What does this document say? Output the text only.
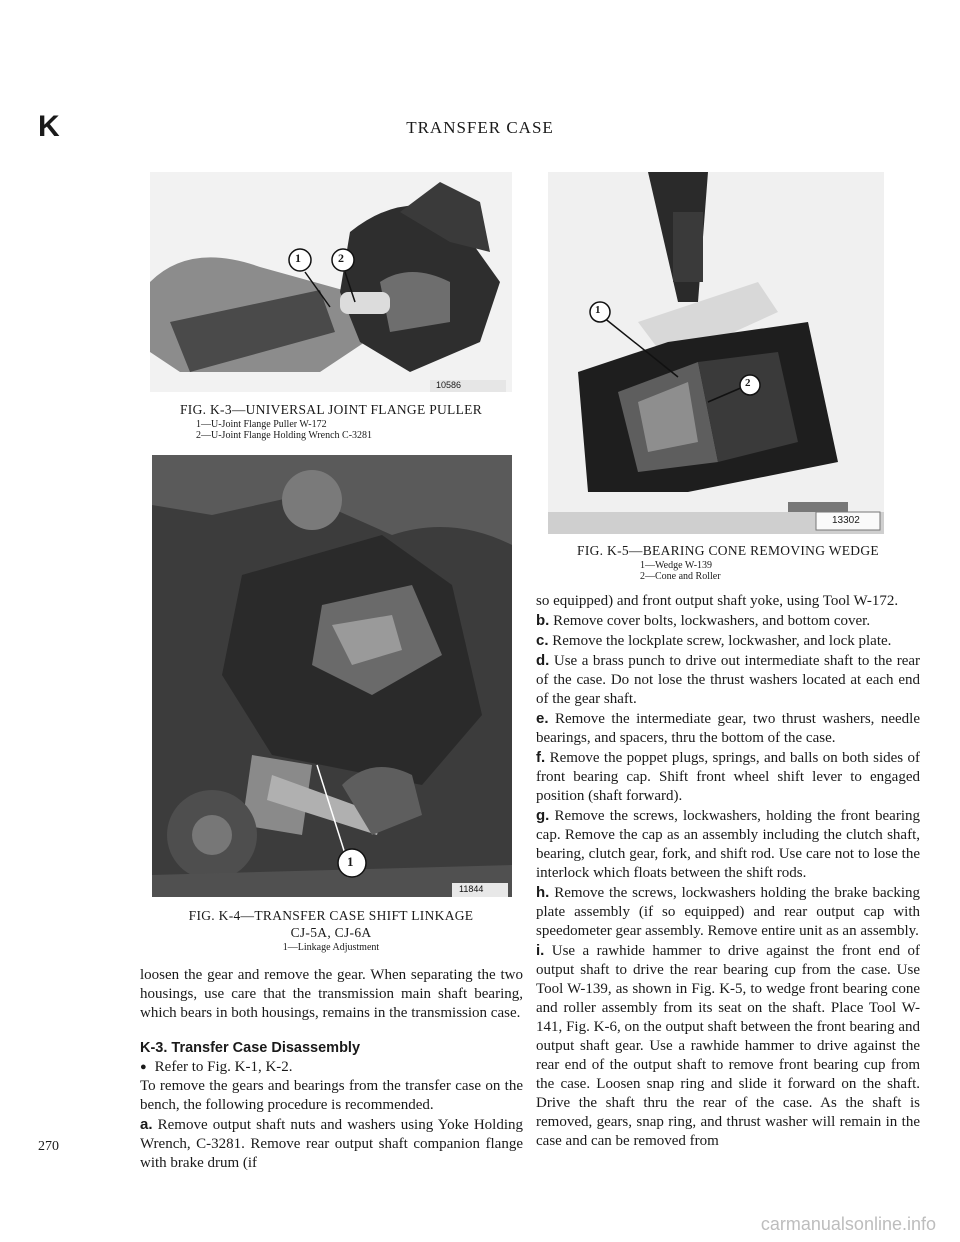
K	TRANSFER CASE
1	2
10586
FIG. K-3—UNIVERSAL JOINT FLANGE PULLER
1—U-Joint Flange Puller W-172
2—U-Joint Flange Holding Wrench C-3281
1
11844
FIG. K-4—TRANSFER CASE SHIFT LINKAGE
CJ-5A, CJ-6A
1—Linkage Adjustment

loosen the gear and remove the gear. When separating the two housings, use care that the transmission main shaft bearing, which bears in both housings, remains in the transmission case.

K-3. Transfer Case Disassembly

● Refer to Fig. K-1, K-2.

To remove the gears and bearings from the transfer case on the bench, the following procedure is recommended.

a. Remove output shaft nuts and washers using Yoke Holding Wrench, C-3281. Remove rear output shaft companion flange with brake drum (if

1
2
13302
FIG. K-5—BEARING CONE REMOVING WEDGE
1—Wedge W-139
2—Cone and Roller

so equipped) and front output shaft yoke, using Tool W-172.

b. Remove cover bolts, lockwashers, and bottom cover.

c. Remove the lockplate screw, lockwasher, and lock plate.

d. Use a brass punch to drive out intermediate shaft to the rear of the case. Do not lose the thrust washers located at each end of the gear shaft.

e. Remove the intermediate gear, two thrust washers, needle bearings, and spacers, thru the bottom of the case.

f. Remove the poppet plugs, springs, and balls on both sides of front bearing cap. Shift front wheel shift lever to engaged position (shaft forward).

g. Remove the screws, lockwashers, holding the front bearing cap. Remove the cap as an assembly including the clutch shaft, bearing, clutch gear, fork, and shift rod. Use care not to lose the interlock which floats between the shift rods.

h. Remove the screws, lockwashers holding the brake backing plate assembly (if so equipped) and rear output cap with speedometer gear assembly. Remove entire unit as an assembly.

i. Use a rawhide hammer to drive against the front end of output shaft to drive the rear bearing cup from the case. Use Tool W-139, as shown in Fig. K-5, to wedge front bearing cone and roller assembly from its seat on the shaft. Place Tool W-141, Fig. K-6, on the output shaft between the front bearing and output shaft gear. Use a rawhide hammer to drive against the rear end of the output shaft to remove front bearing cup from the case. Loosen snap ring and slide it forward on the shaft. Drive the shaft thru the rear of the case. As the shaft is removed, gears, snap ring, and thrust washer will remain in the case and can be removed from

270
carmanualsonline.info
